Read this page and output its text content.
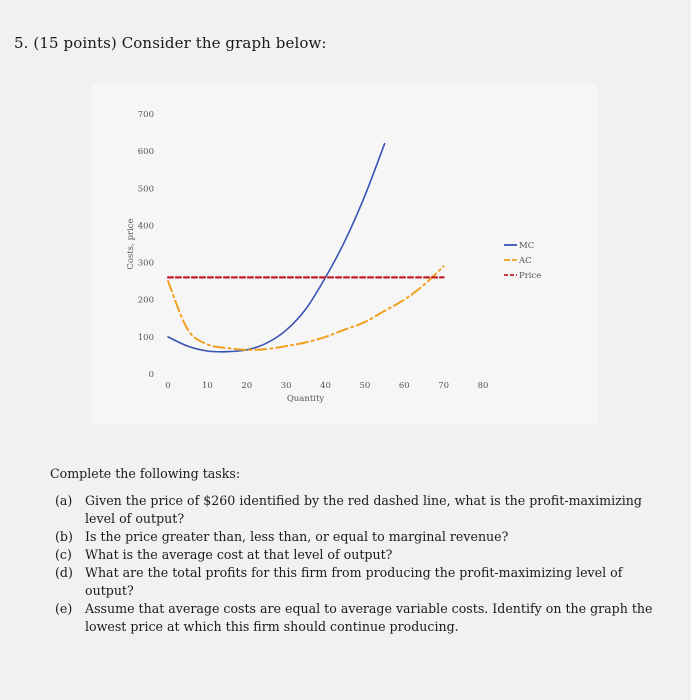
5. (15 points) Consider the graph below:
0
100
200
300
400
500
600
700
0	10	20	30	40	50	60	70	80
Quantity
Costs, price	MC
AC
Price
Complete the following tasks:
(a) Given the price of $260 identified by the red dashed line, what is the profit-maximizing level of output?
(b) Is the price greater than, less than, or equal to marginal revenue?
(c) What is the average cost at that level of output?
(d) What are the total profits for this firm from producing the profit-maximizing level of output?
(e) Assume that average costs are equal to average variable costs. Identify on the graph the lowest price at which this firm should continue producing.
